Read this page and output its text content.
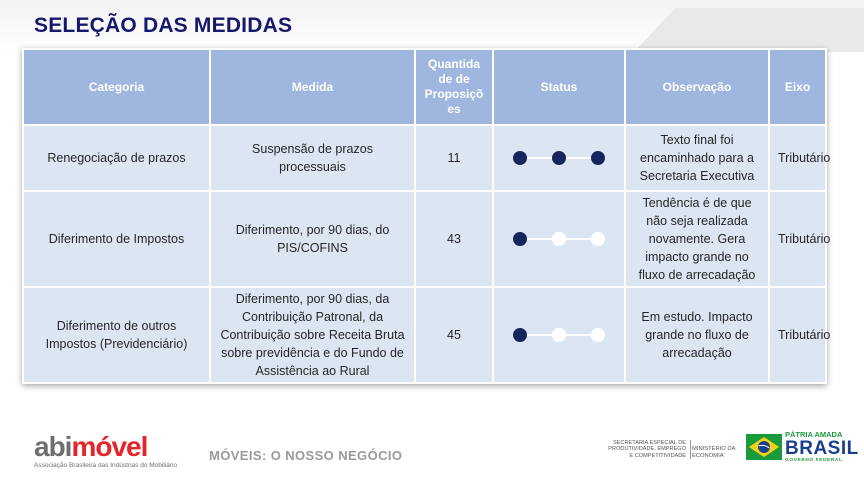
SELEÇÃO DAS MEDIDAS
Categoria	Medida	Quantida de de Proposiçõ es	Status	Observação	Eixo
Renegociação de prazos	Suspensão de prazos processuais	11		Texto final foi encaminhado para a Secretaria Executiva	Tributário
Diferimento de Impostos	Diferimento, por 90 dias, do PIS/COFINS	43		Tendência é de que não seja realizada novamente. Gera impacto grande no fluxo de arrecadação	Tributário
Diferimento de outros Impostos (Previdenciário)	Diferimento, por 90 dias, da Contribuição Patronal, da Contribuição sobre Receita Bruta sobre previdência e do Fundo de Assistência ao Rural	45		Em estudo. Impacto grande no fluxo de arrecadação	Tributário
abimóvel
Associação Brasileira das Indústrias do Mobiliário
MÓVEIS: O NOSSO NEGÓCIO
SECRETARIA ESPECIAL DE PRODUTIVIDADE, EMPREGO E COMPETITIVIDADE
MINISTÉRIO DA ECONOMIA
PÁTRIA AMADA
BRASIL
GOVERNO FEDERAL
